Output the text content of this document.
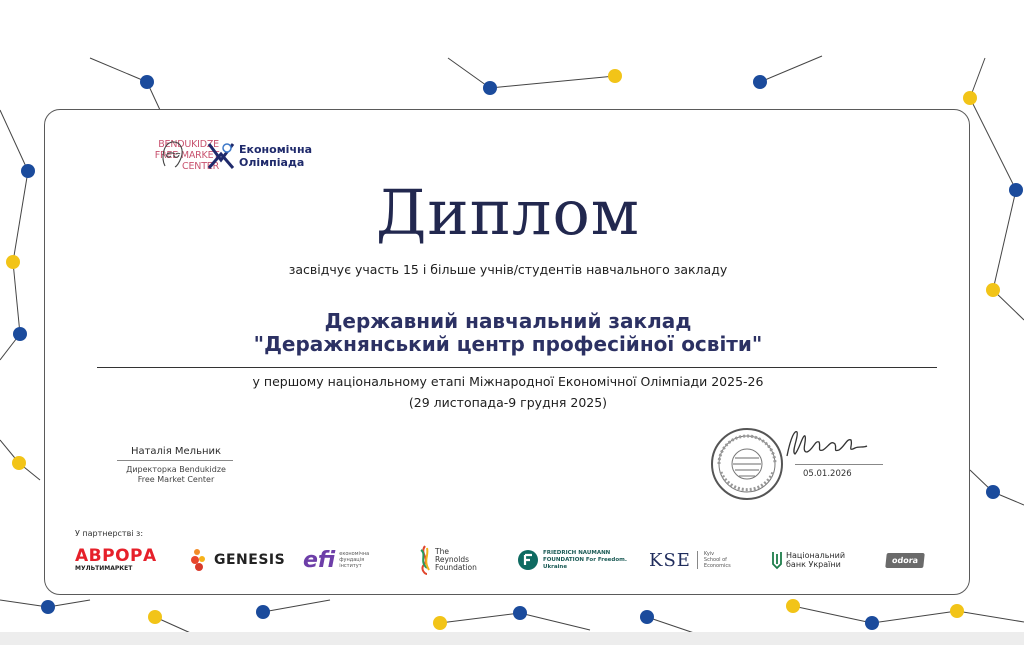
BENDUKIDZE
FREE MARKET
CENTER
Економічна
Олімпіада
Диплом
засвідчує участь 15 і більше учнів/студентів навчального закладу
Державний навчальний заклад
"Деражнянський центр професійної освіти"
у першому національному етапі Міжнародної Економічної Олімпіади 2025-26
(29 листопада-9 грудня 2025)
Наталія Мельник
Директорка Bendukidze
Free Market Center
05.01.2026
У партнерстві з:
АВРОРА
МУЛЬТИМАРКЕТ
GENESIS efi економічна фундація інститут
The
Reynolds
Foundation
FRIEDRICH NAUMANN
FOUNDATION For Freedom.
Ukraine	KSE	Kyiv
School of
Economics
Національний
банк України	odora
